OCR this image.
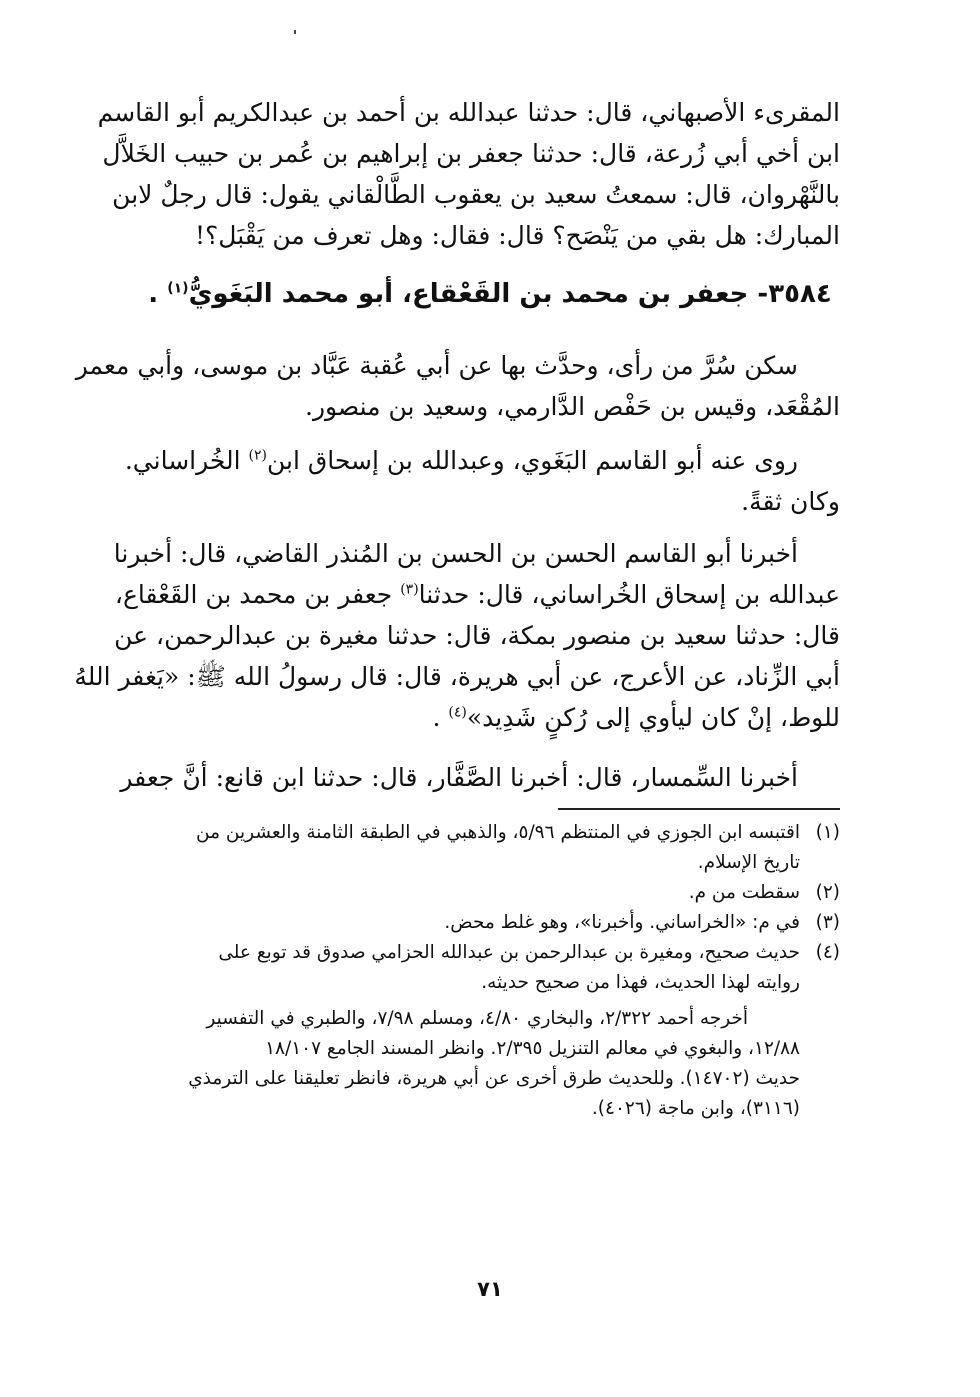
المقرىء الأصبهاني، قال: حدثنا عبدالله بن أحمد بن عبدالكريم أبو القاسم
ابن أخي أبي زُرعة، قال: حدثنا جعفر بن إبراهيم بن عُمر بن حبيب الخَلاَّل
بالنَّهْروان، قال: سمعتُ سعيد بن يعقوب الطَّالْقاني يقول: قال رجلٌ لابن
المبارك: هل بقي من يَنْصَح؟ قال: فقال: وهل تعرف من يَقْبَل؟!
٣٥٨٤- جعفر بن محمد بن القَعْقاع، أبو محمد البَغَويُّ$^{(١)}$ .
سكن سُرَّ من رأى، وحدَّث بها عن أبي عُقبة عَبَّاد بن موسى، وأبي معمر
المُقْعَد، وقيس بن حَفْص الدَّارمي، وسعيد بن منصور.
روى عنه أبو القاسم البَغَوي، وعبدالله بن إسحاق ابن$^{(٢)}$ الخُراساني.
وكان ثقةً.
أخبرنا أبو القاسم الحسن بن الحسن بن المُنذر القاضي، قال: أخبرنا
عبدالله بن إسحاق الخُراساني، قال: حدثنا$^{(٣)}$ جعفر بن محمد بن القَعْقاع،
قال: حدثنا سعيد بن منصور بمكة، قال: حدثنا مغيرة بن عبدالرحمن، عن
أبي الزِّناد، عن الأعرج، عن أبي هريرة، قال: قال رسولُ الله ﷺ: «يَغفر اللهُ
للوط، إنْ كان ليأوي إلى رُكنٍ شَدِيد»$^{(٤)}$ .
أخبرنا السِّمسار، قال: أخبرنا الصَّفَّار، قال: حدثنا ابن قانع: أنَّ جعفر
(١)
اقتبسه ابن الجوزي في المنتظم ٥/٩٦، والذهبي في الطبقة الثامنة والعشرين من
تاريخ الإسلام.
(٢)
سقطت من م.
(٣)
في م: «الخراساني. وأخبرنا»، وهو غلط محض.
(٤)
حديث صحيح، ومغيرة بن عبدالرحمن بن عبدالله الحزامي صدوق قد توبع على
روايته لهذا الحديث، فهذا من صحيح حديثه.
أخرجه أحمد ٢/٣٢٢، والبخاري ٤/٨٠، ومسلم ٧/٩٨، والطبري في التفسير
١٢/٨٨، والبغوي في معالم التنزيل ٢/٣٩٥. وانظر المسند الجامع ١٨/١٠٧
حديث (١٤٧٠٢). وللحديث طرق أخرى عن أبي هريرة، فانظر تعليقنا على الترمذي
(٣١١٦)، وابن ماجة (٤٠٢٦).
٧١
